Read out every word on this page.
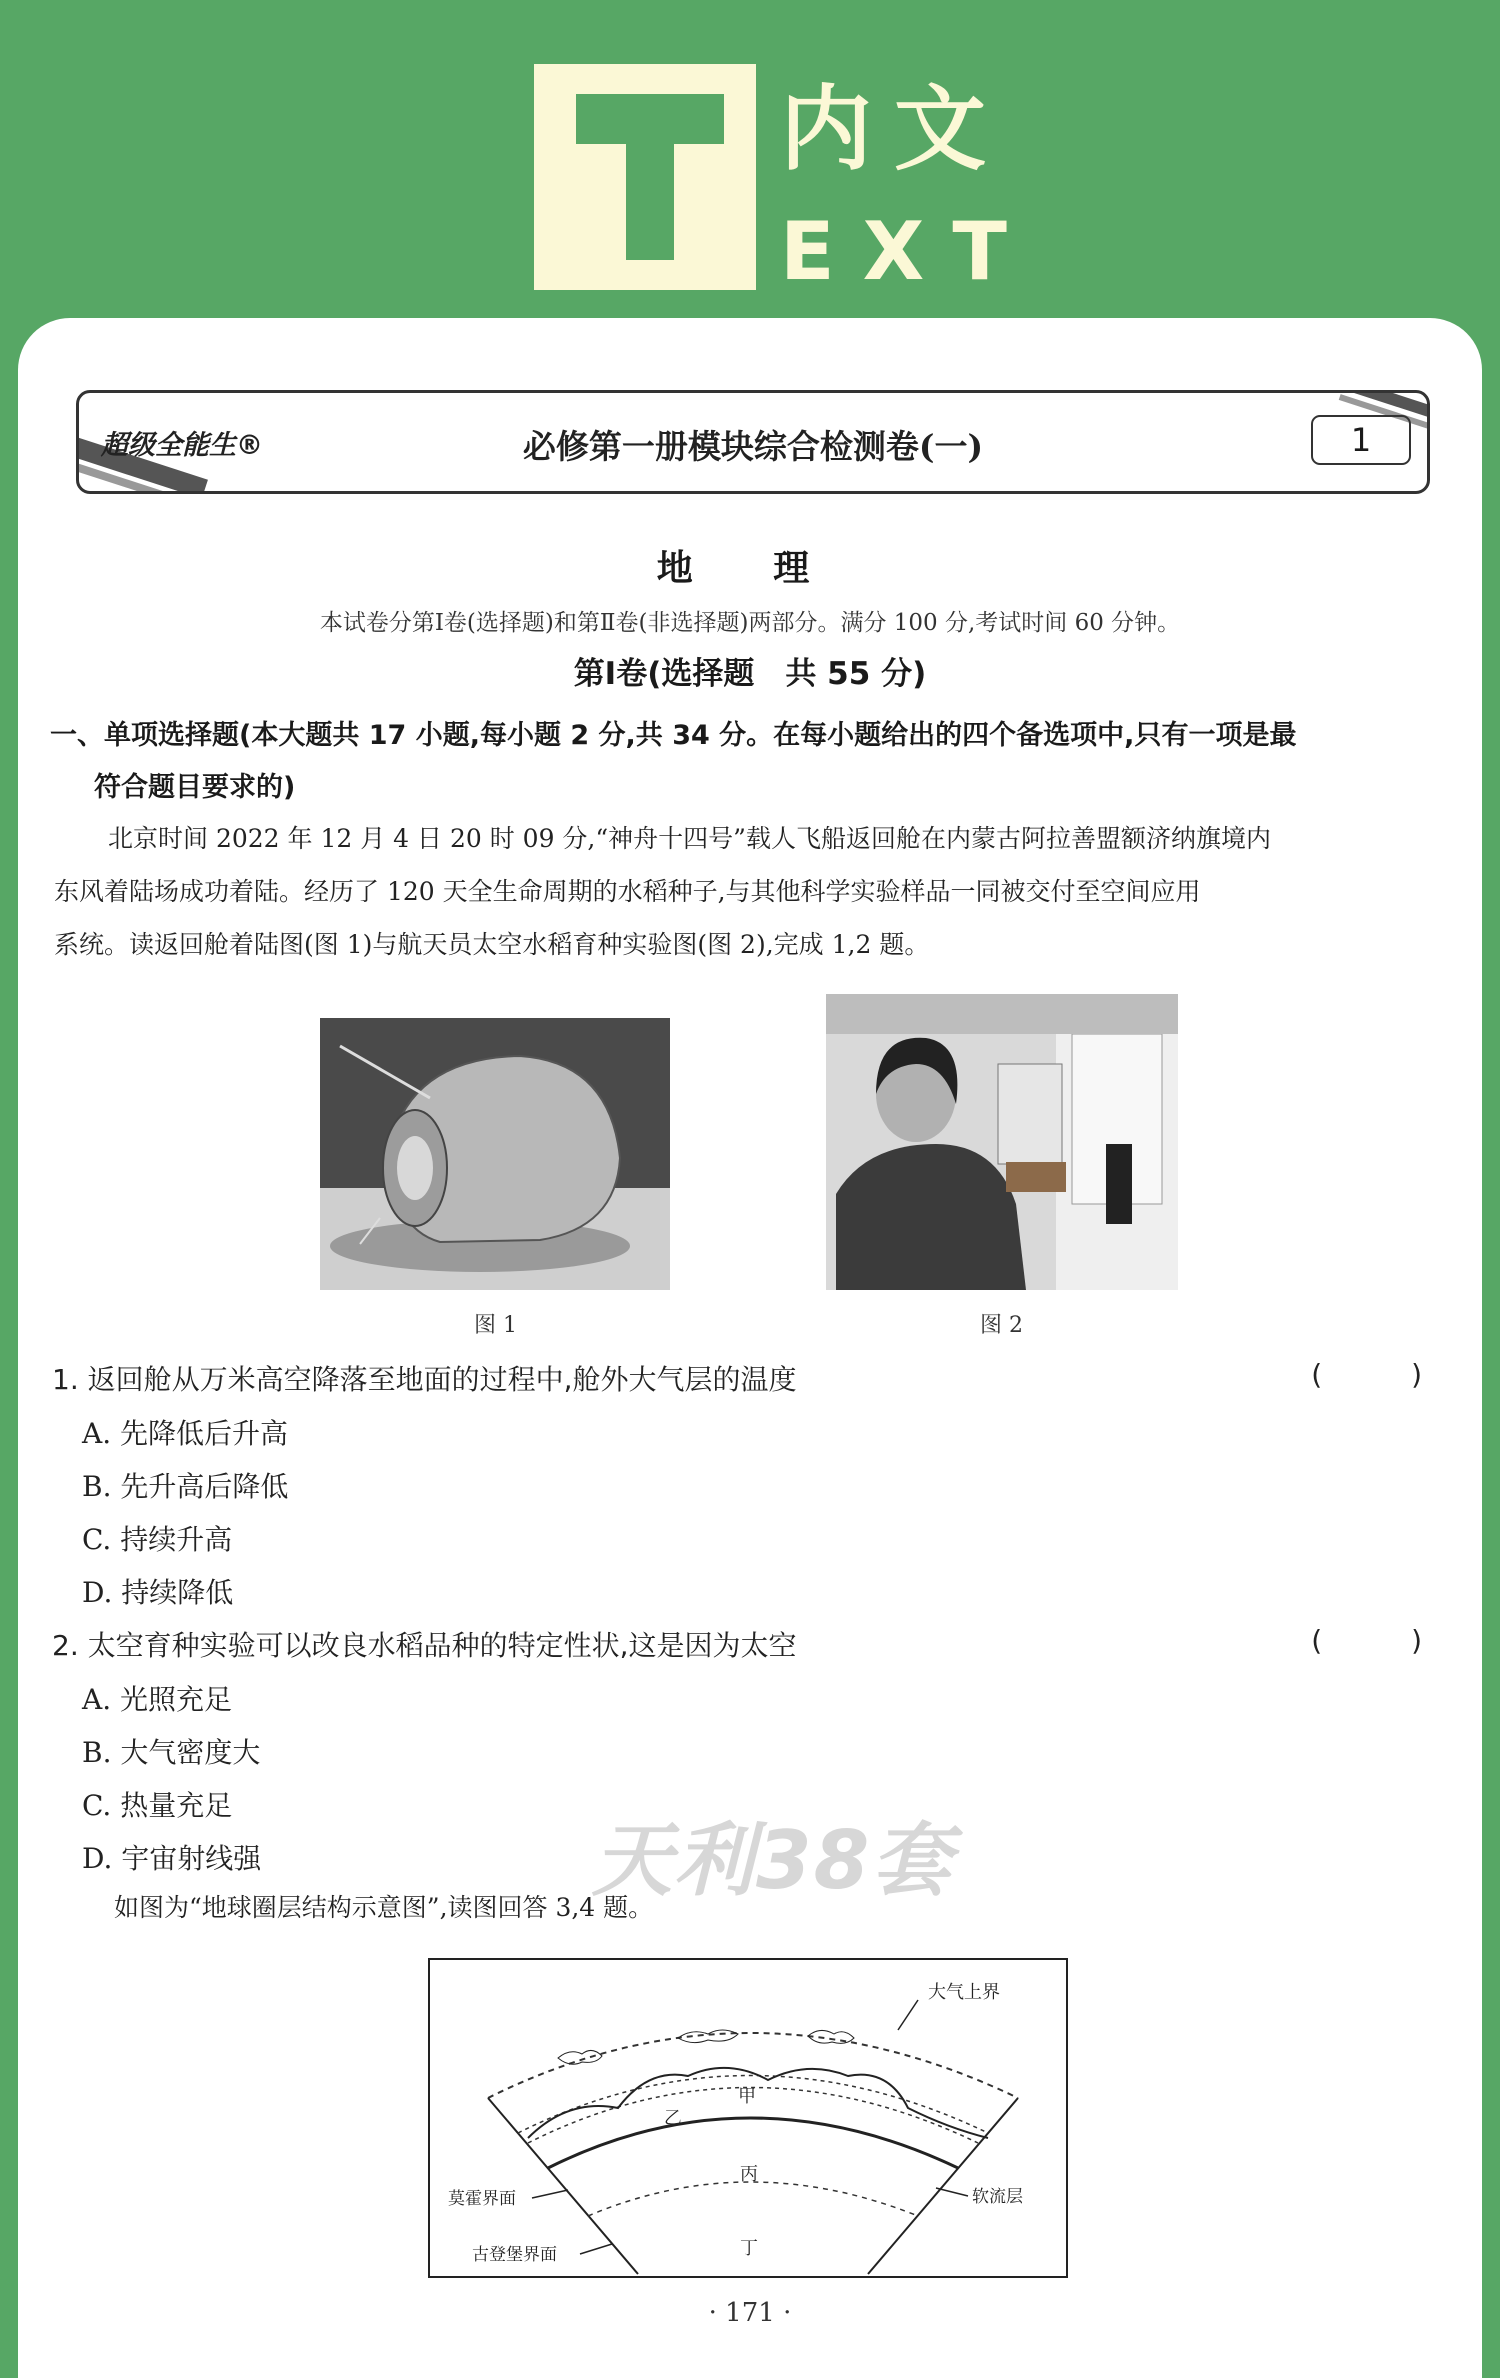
内文
EXT
超级全能生®	必修第一册模块综合检测卷(一)	1
地 理
本试卷分第Ⅰ卷(选择题)和第Ⅱ卷(非选择题)两部分。满分 100 分,考试时间 60 分钟。
第Ⅰ卷(选择题　共 55 分)
一、单项选择题(本大题共 17 小题,每小题 2 分,共 34 分。在每小题给出的四个备选项中,只有一项是最
符合题目要求的)
北京时间 2022 年 12 月 4 日 20 时 09 分,“神舟十四号”载人飞船返回舱在内蒙古阿拉善盟额济纳旗境内
东风着陆场成功着陆。经历了 120 天全生命周期的水稻种子,与其他科学实验样品一同被交付至空间应用
系统。读返回舱着陆图(图 1)与航天员太空水稻育种实验图(图 2),完成 1,2 题。
图 1	图 2
1. 返回舱从万米高空降落至地面的过程中,舱外大气层的温度	( )
A. 先降低后升高
B. 先升高后降低
C. 持续升高
D. 持续降低
2. 太空育种实验可以改良水稻品种的特定性状,这是因为太空	( )
A. 光照充足
B. 大气密度大
C. 热量充足
D. 宇宙射线强	天利38套
如图为“地球圈层结构示意图”,读图回答 3,4 题。
大气上界
甲
乙
丙
丁
莫霍界面
古登堡界面
软流层
· 171 ·
